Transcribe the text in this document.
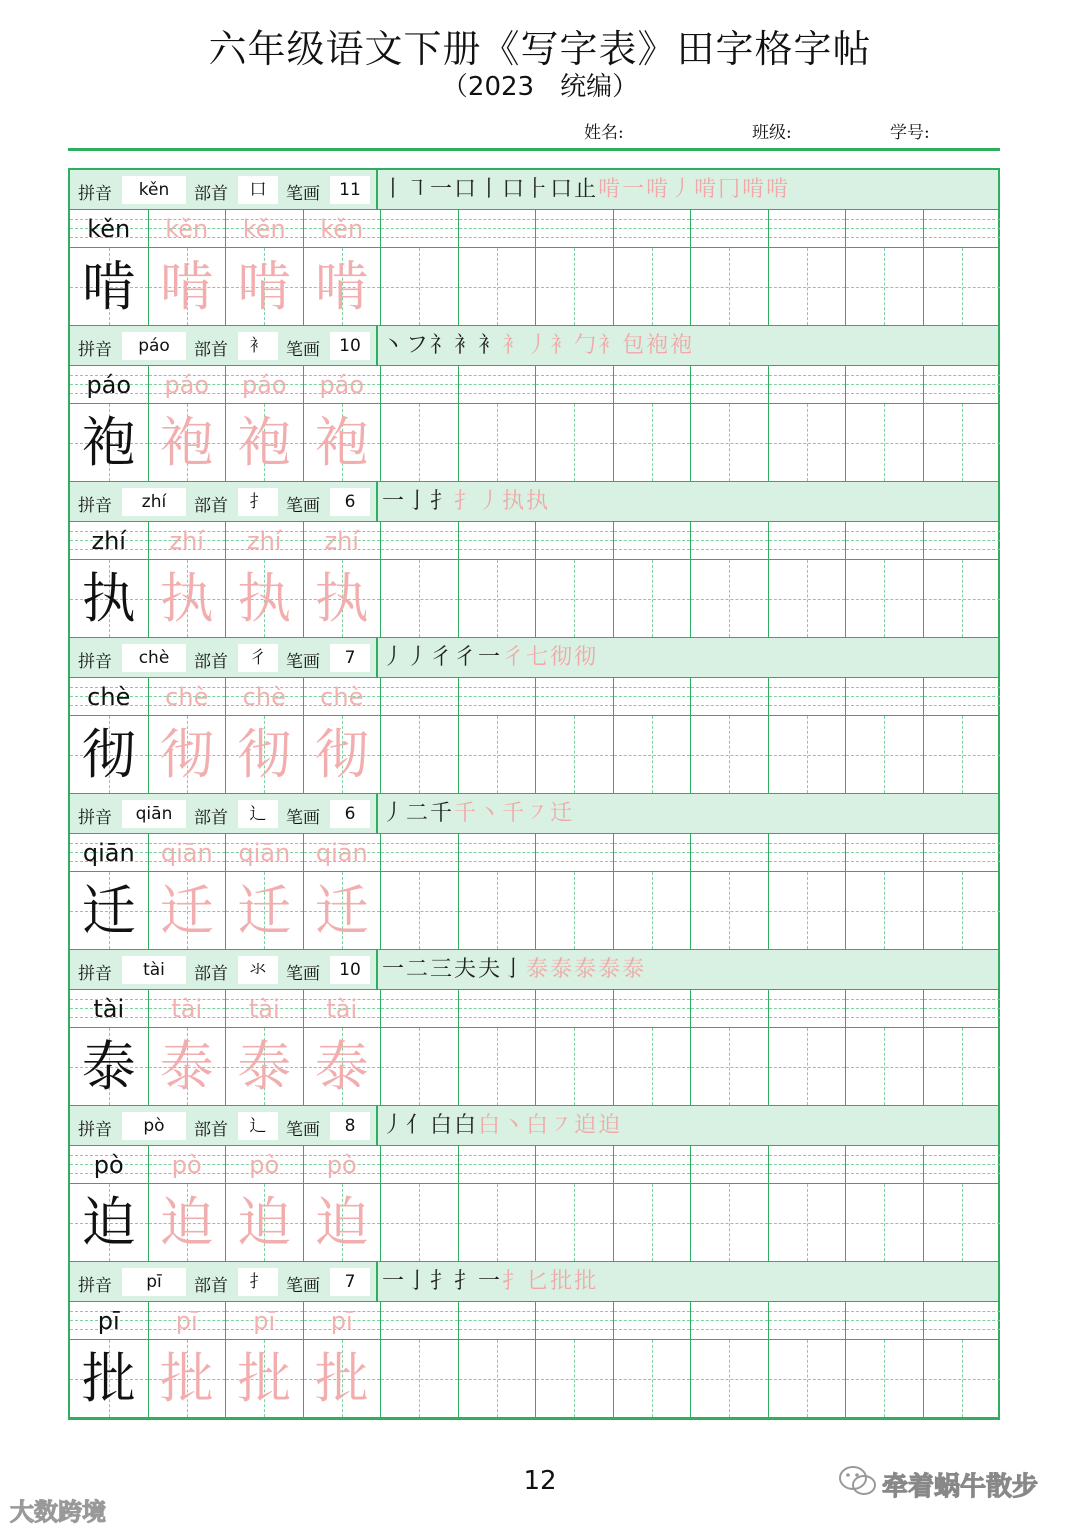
六年级语文下册《写字表》田字格字帖
（2023　统编）
姓名:	班级:	学号:
拼音	kěn	部首	口	笔画	11 丨㇕一口丨口⺊口止啃一啃丿啃冂啃啃
kěn	kěn	kěn	kěn
啃 啃 啃 啃
拼音	páo	部首	衤	笔画	10 丶フ礻衤衤衤丿衤勹衤包袍袍
páo	páo	páo	páo
袍 袍 袍 袍
拼音	zhí	部首	扌	笔画	6	一亅扌扌丿执执
zhí	zhí	zhí	zhí
执 执 执 执
拼音	chè	部首	彳	笔画	7	丿丿彳彳一彳七彻彻
chè	chè	chè	chè
彻 彻 彻 彻
拼音	qiān	部首	辶	笔画	6	丿二千千丶千㇇迁
qiān	qiān	qiān	qiān
迁 迁 迁 迁
拼音	tài	部首	氺	笔画	10 一二三夫夫亅泰泰泰泰泰
tài	tài	tài	tài
泰 泰 泰 泰
拼音	pò	部首	辶	笔画	8	丿亻白白白丶白㇇迫迫
pò	pò	pò	pò
迫 迫 迫 迫
拼音	pī	部首	扌	笔画	7	一亅扌扌一扌匕批批
pī	pī	pī	pī
批 批 批 批
12
大数跨境
牵着蜗牛散步
